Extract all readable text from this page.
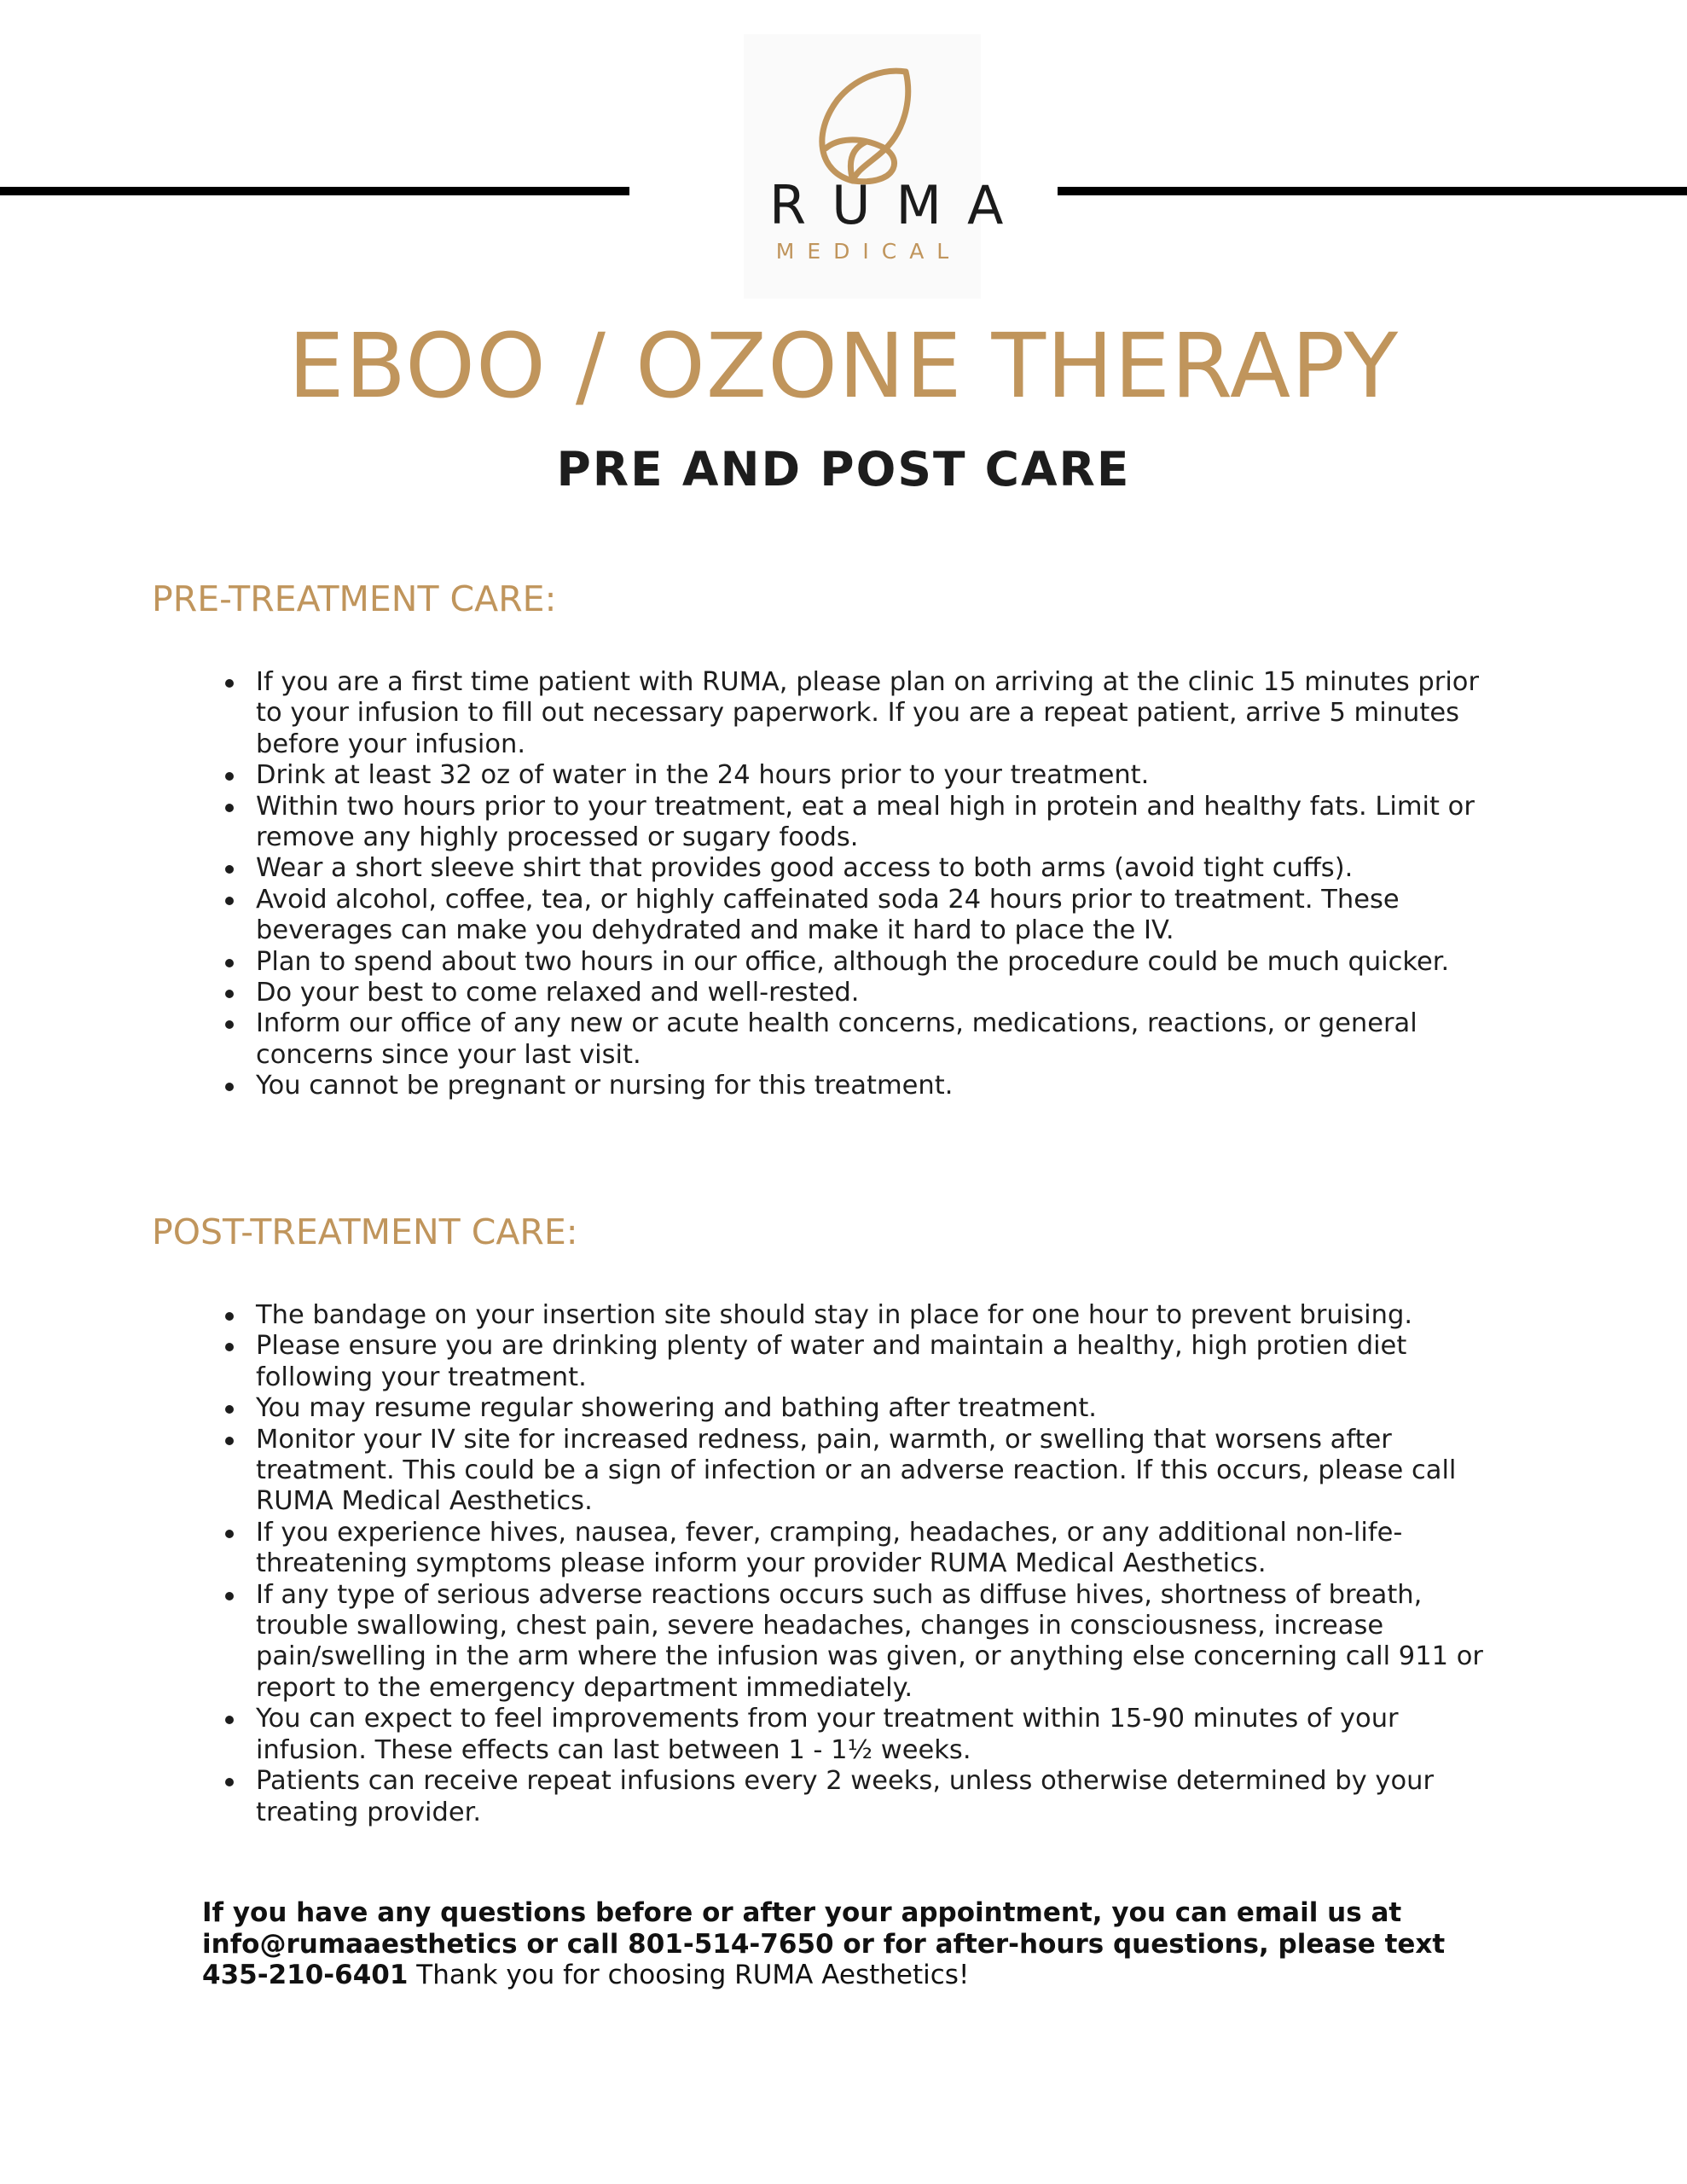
RUMA
MEDICAL
EBOO / OZONE THERAPY
PRE AND POST CARE
PRE-TREATMENT CARE:
If you are a first time patient with RUMA, please plan on arriving at the clinic 15 minutes prior to your infusion to fill out necessary paperwork. If you are a repeat patient, arrive 5 minutes before your infusion.
Drink at least 32 oz of water in the 24 hours prior to your treatment.
Within two hours prior to your treatment, eat a meal high in protein and healthy fats. Limit or remove any highly processed or sugary foods.
Wear a short sleeve shirt that provides good access to both arms (avoid tight cuffs).
Avoid alcohol, coffee, tea, or highly caffeinated soda 24 hours prior to treatment. These beverages can make you dehydrated and make it hard to place the IV.
Plan to spend about two hours in our office, although the procedure could be much quicker.
Do your best to come relaxed and well-rested.
Inform our office of any new or acute health concerns, medications, reactions, or general concerns since your last visit.
You cannot be pregnant or nursing for this treatment.
POST-TREATMENT CARE:
The bandage on your insertion site should stay in place for one hour to prevent bruising.
Please ensure you are drinking plenty of water and maintain a healthy, high protien diet following your treatment.
You may resume regular showering and bathing after treatment.
Monitor your IV site for increased redness, pain, warmth, or swelling that worsens after treatment. This could be a sign of infection or an adverse reaction. If this occurs, please call RUMA Medical Aesthetics.
If you experience hives, nausea, fever, cramping, headaches, or any additional non-life-threatening symptoms please inform your provider RUMA Medical Aesthetics.
If any type of serious adverse reactions occurs such as diffuse hives, shortness of breath, trouble swallowing, chest pain, severe headaches, changes in consciousness, increase pain/swelling in the arm where the infusion was given, or anything else concerning call 911 or report to the emergency department immediately.
You can expect to feel improvements from your treatment within 15-90 minutes of your infusion. These effects can last between 1 - 1½ weeks.
Patients can receive repeat infusions every 2 weeks, unless otherwise determined by your treating provider.

If you have any questions before or after your appointment, you can email us at info@rumaaesthetics or call 801-514-7650 or for after-hours questions, please text 435-210-6401 Thank you for choosing RUMA Aesthetics!
